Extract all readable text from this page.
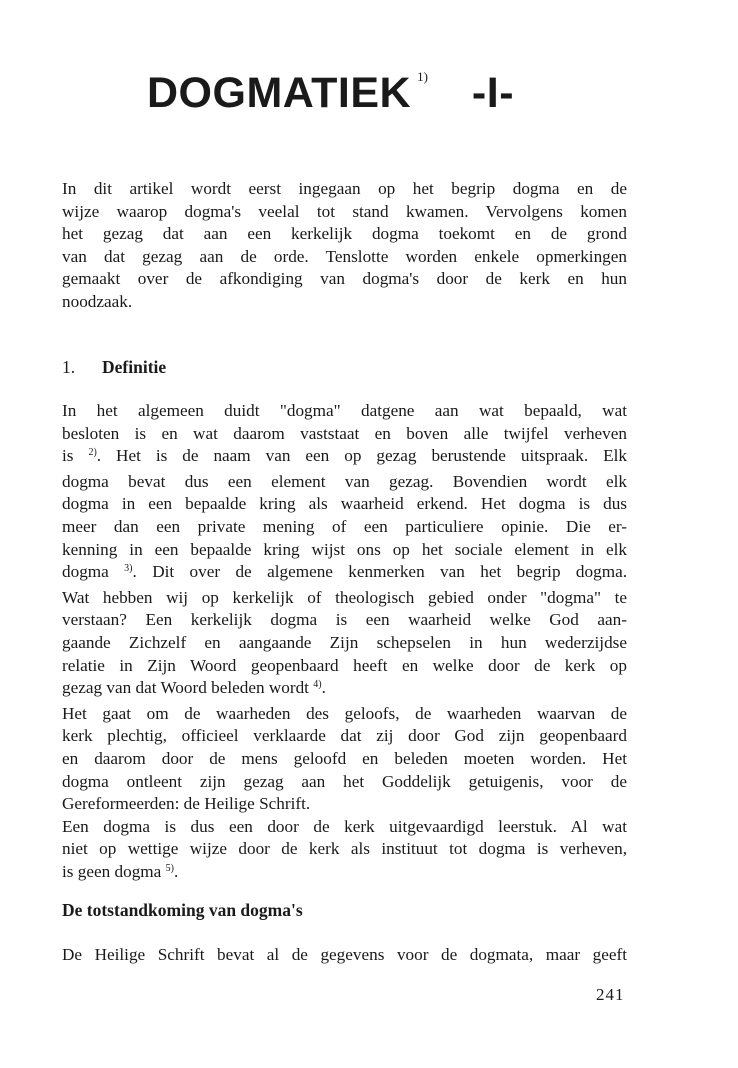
DOGMATIEK $^{1)}$ -I-
In dit artikel wordt eerst ingegaan op het begrip dogma en de
wijze waarop dogma's veelal tot stand kwamen. Vervolgens komen
het gezag dat aan een kerkelijk dogma toekomt en de grond
van dat gezag aan de orde. Tenslotte worden enkele opmerkingen
gemaakt over de afkondiging van dogma's door de kerk en hun
noodzaak.
1. Definitie
In het algemeen duidt "dogma" datgene aan wat bepaald, wat
besloten is en wat daarom vaststaat en boven alle twijfel verheven
is $^{2)}$. Het is de naam van een op gezag berustende uitspraak. Elk
dogma bevat dus een element van gezag. Bovendien wordt elk
dogma in een bepaalde kring als waarheid erkend. Het dogma is dus
meer dan een private mening of een particuliere opinie. Die er-
kenning in een bepaalde kring wijst ons op het sociale element in elk
dogma $^{3)}$. Dit over de algemene kenmerken van het begrip dogma.
Wat hebben wij op kerkelijk of theologisch gebied onder "dogma" te
verstaan? Een kerkelijk dogma is een waarheid welke God aan-
gaande Zichzelf en aangaande Zijn schepselen in hun wederzijdse
relatie in Zijn Woord geopenbaard heeft en welke door de kerk op
gezag van dat Woord beleden wordt $^{4)}$.
Het gaat om de waarheden des geloofs, de waarheden waarvan de
kerk plechtig, officieel verklaarde dat zij door God zijn geopenbaard
en daarom door de mens geloofd en beleden moeten worden. Het
dogma ontleent zijn gezag aan het Goddelijk getuigenis, voor de
Gereformeerden: de Heilige Schrift.
Een dogma is dus een door de kerk uitgevaardigd leerstuk. Al wat
niet op wettige wijze door de kerk als instituut tot dogma is verheven,
is geen dogma $^{5)}$.
De totstandkoming van dogma's
De Heilige Schrift bevat al de gegevens voor de dogmata, maar geeft
241
